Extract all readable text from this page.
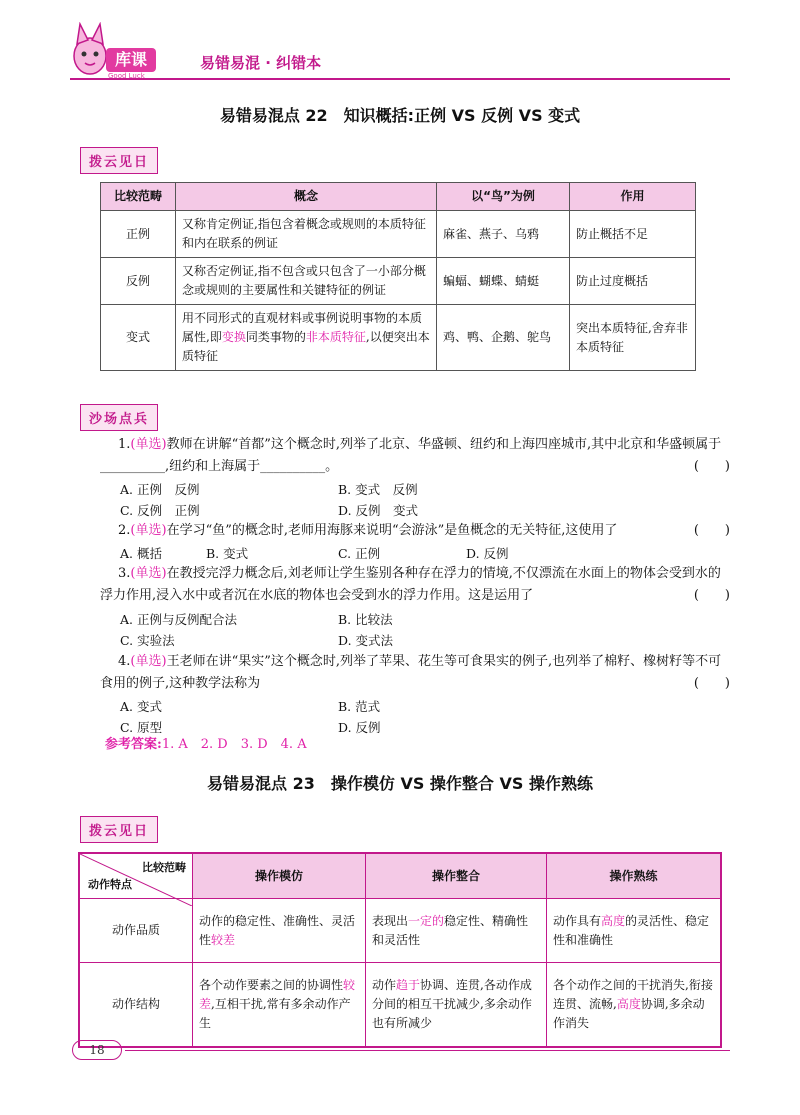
库课
Good Luck
易错易混 · 纠错本
易错易混点 22　知识概括:正例 VS 反例 VS 变式
拨云见日
比较范畴	概念	以“鸟”为例	作用
正例	又称肯定例证,指包含着概念或规则的本质特征和内在联系的例证	麻雀、燕子、乌鸦	防止概括不足
反例	又称否定例证,指不包含或只包含了一小部分概念或规则的主要属性和关键特征的例证	蝙蝠、蝴蝶、蜻蜓	防止过度概括
变式	用不同形式的直观材料或事例说明事物的本质属性,即变换同类事物的非本质特征,以便突出本质特征	鸡、鸭、企鹅、鸵鸟	突出本质特征,舍弃非本质特征
沙场点兵
1.(单选)教师在讲解“首都”这个概念时,列举了北京、华盛顿、纽约和上海四座城市,其中北京和华盛顿属于__________,纽约和上海属于__________。	(　　)
A. 正例　反例	B. 变式　反例
C. 反例　正例	D. 反例　变式
2.(单选)在学习“鱼”的概念时,老师用海豚来说明“会游泳”是鱼概念的无关特征,这使用了	(　　)
A. 概括	B. 变式	C. 正例	D. 反例
3.(单选)在教授完浮力概念后,刘老师让学生鉴别各种存在浮力的情境,不仅漂流在水面上的物体会受到水的浮力作用,浸入水中或者沉在水底的物体也会受到水的浮力作用。这是运用了	(　　)
A. 正例与反例配合法	B. 比较法
C. 实验法	D. 变式法
4.(单选)王老师在讲“果实”这个概念时,列举了苹果、花生等可食果实的例子,也列举了棉籽、橡树籽等不可食用的例子,这种教学法称为	(　　)
A. 变式	B. 范式
C. 原型	D. 反例
参考答案:1. A　2. D　3. D　4. A
易错易混点 23　操作模仿 VS 操作整合 VS 操作熟练
拨云见日
比较范畴
动作特点	操作模仿	操作整合	操作熟练
动作品质	动作的稳定性、准确性、灵活性较差	表现出一定的稳定性、精确性和灵活性	动作具有高度的灵活性、稳定性和准确性
动作结构	各个动作要素之间的协调性较差,互相干扰,常有多余动作产生	动作趋于协调、连贯,各动作成分间的相互干扰减少,多余动作也有所减少	各个动作之间的干扰消失,衔接连贯、流畅,高度协调,多余动作消失
18
